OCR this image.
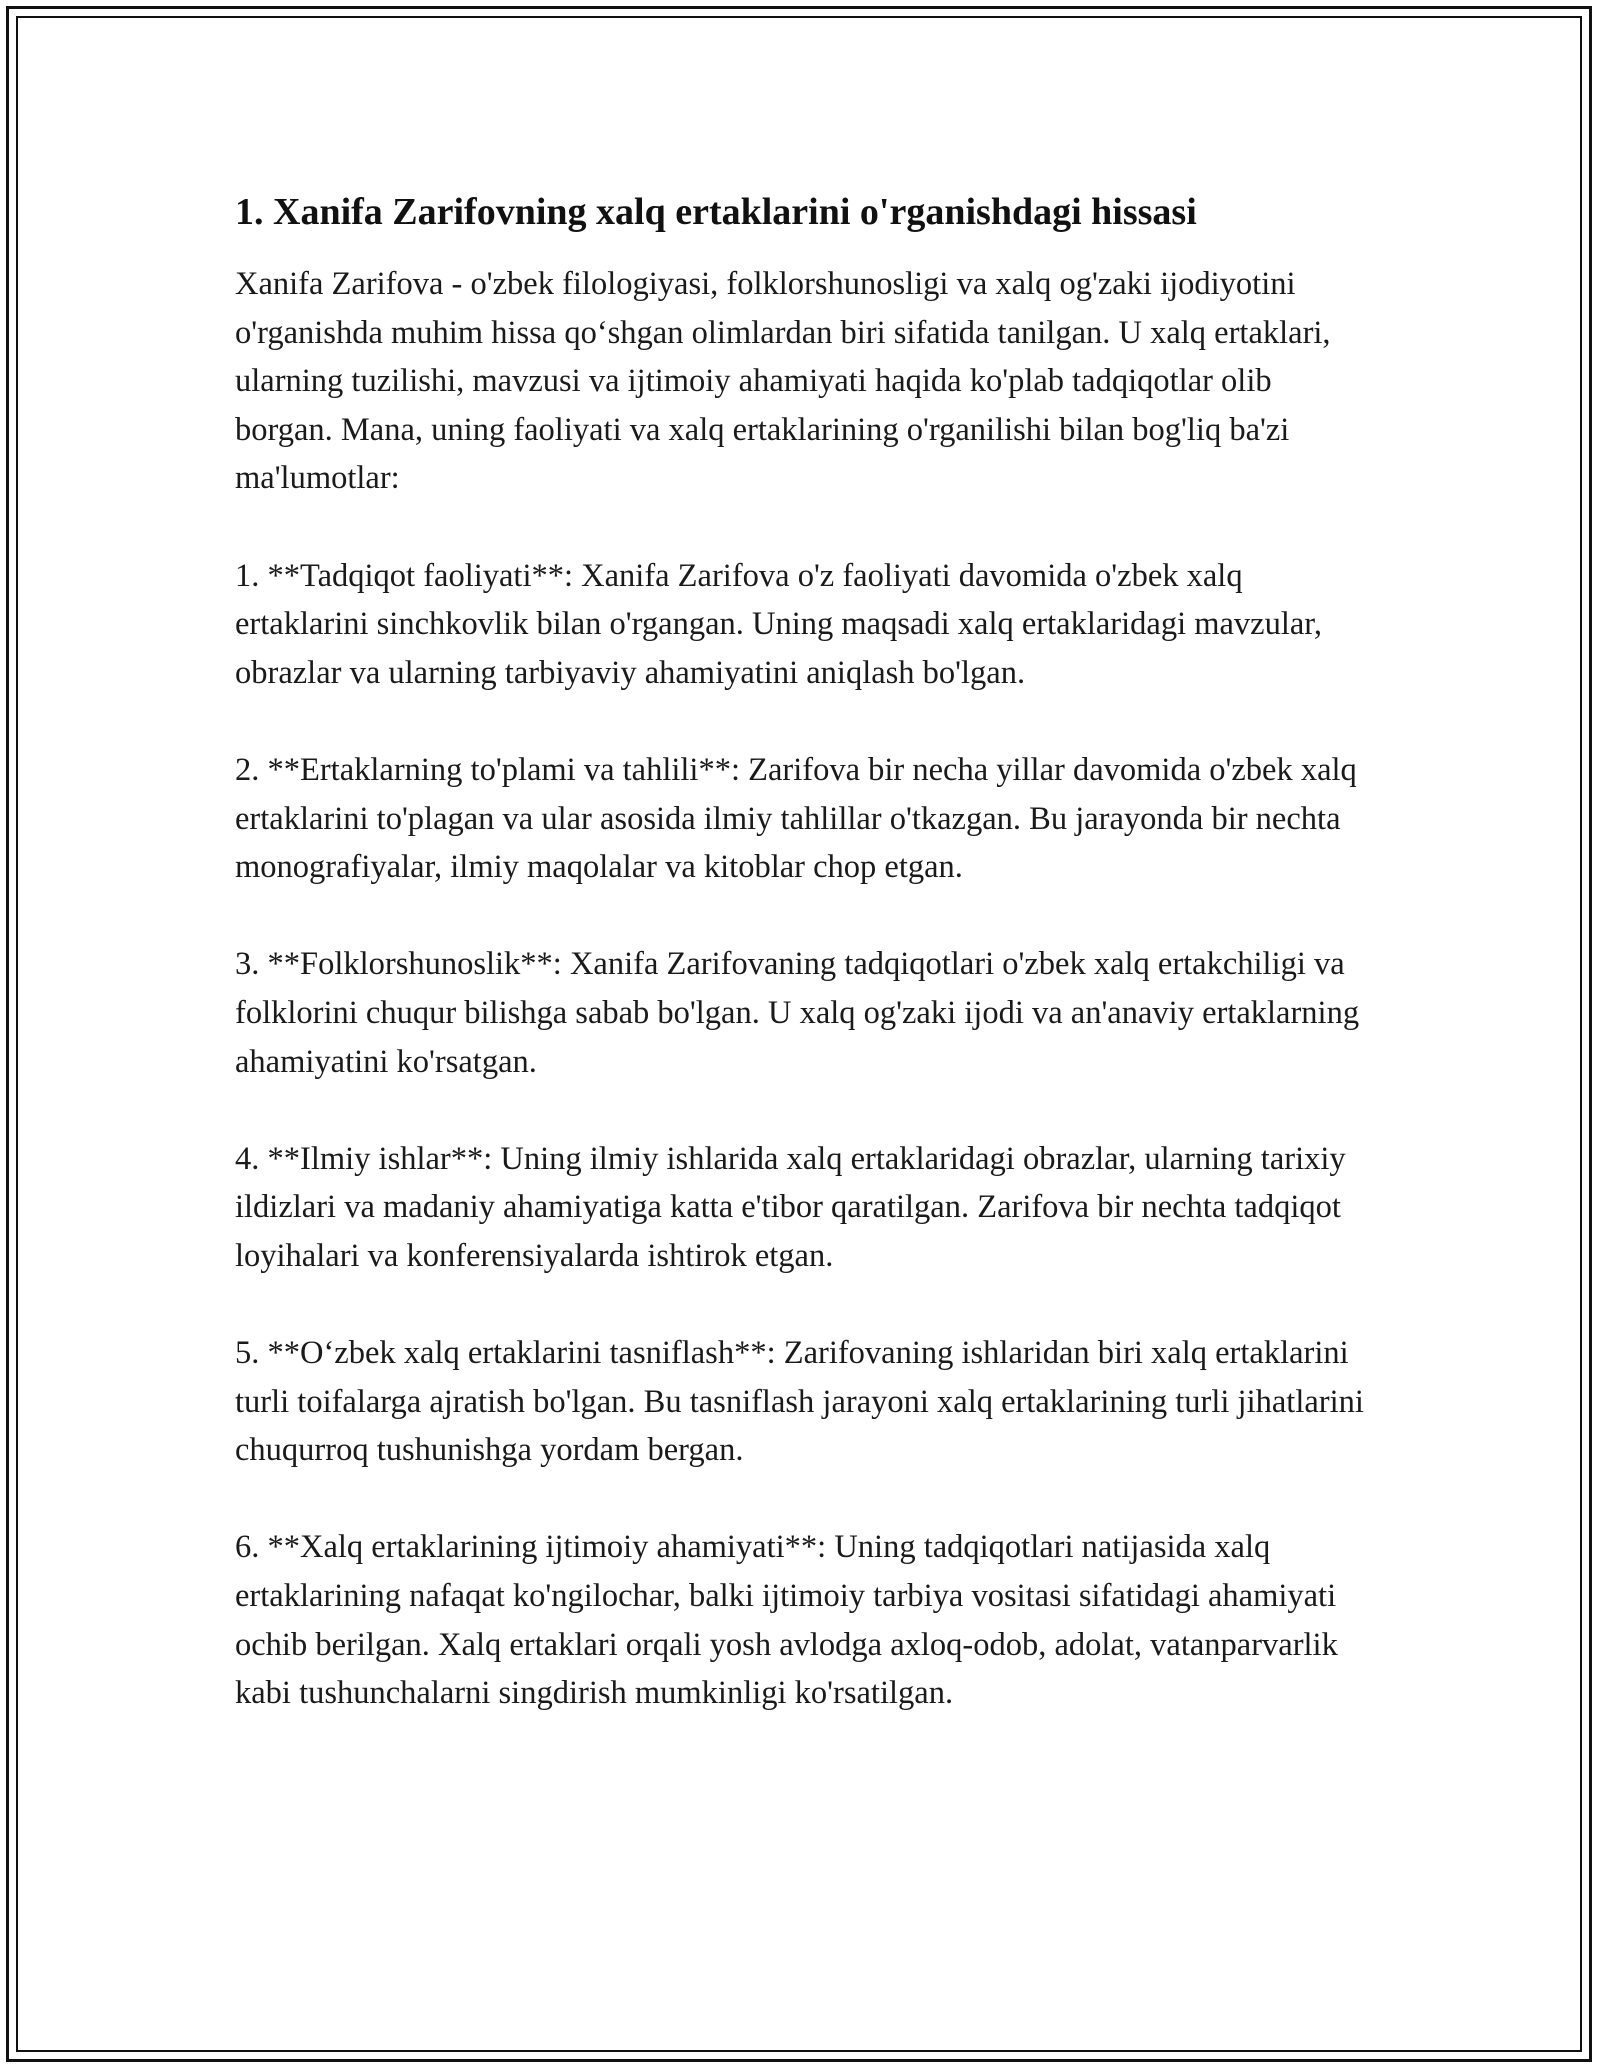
1. Xanifa Zarifovning xalq ertaklarini o'rganishdagi hissasi

Xanifa Zarifova - o'zbek filologiyasi, folklorshunosligi va xalq og'zaki ijodiyotini o'rganishda muhim hissa qo‘shgan olimlardan biri sifatida tanilgan. U xalq ertaklari, ularning tuzilishi, mavzusi va ijtimoiy ahamiyati haqida ko'plab tadqiqotlar olib borgan. Mana, uning faoliyati va xalq ertaklarining o'rganilishi bilan bog'liq ba'zi ma'lumotlar:

1. **Tadqiqot faoliyati**: Xanifa Zarifova o'z faoliyati davomida o'zbek xalq ertaklarini sinchkovlik bilan o'rgangan. Uning maqsadi xalq ertaklaridagi mavzular, obrazlar va ularning tarbiyaviy ahamiyatini aniqlash bo'lgan.

2. **Ertaklarning to'plami va tahlili**: Zarifova bir necha yillar davomida o'zbek xalq ertaklarini to'plagan va ular asosida ilmiy tahlillar o'tkazgan. Bu jarayonda bir nechta monografiyalar, ilmiy maqolalar va kitoblar chop etgan.

3. **Folklorshunoslik**: Xanifa Zarifovaning tadqiqotlari o'zbek xalq ertakchiligi va folklorini chuqur bilishga sabab bo'lgan. U xalq og'zaki ijodi va an'anaviy ertaklarning ahamiyatini ko'rsatgan.

4. **Ilmiy ishlar**: Uning ilmiy ishlarida xalq ertaklaridagi obrazlar, ularning tarixiy ildizlari va madaniy ahamiyatiga katta e'tibor qaratilgan. Zarifova bir nechta tadqiqot loyihalari va konferensiyalarda ishtirok etgan.

5. **O‘zbek xalq ertaklarini tasniflash**: Zarifovaning ishlaridan biri xalq ertaklarini turli toifalarga ajratish bo'lgan. Bu tasniflash jarayoni xalq ertaklarining turli jihatlarini chuqurroq tushunishga yordam bergan.

6. **Xalq ertaklarining ijtimoiy ahamiyati**: Uning tadqiqotlari natijasida xalq ertaklarining nafaqat ko'ngilochar, balki ijtimoiy tarbiya vositasi sifatidagi ahamiyati ochib berilgan. Xalq ertaklari orqali yosh avlodga axloq-odob, adolat, vatanparvarlik kabi tushunchalarni singdirish mumkinligi ko'rsatilgan.
